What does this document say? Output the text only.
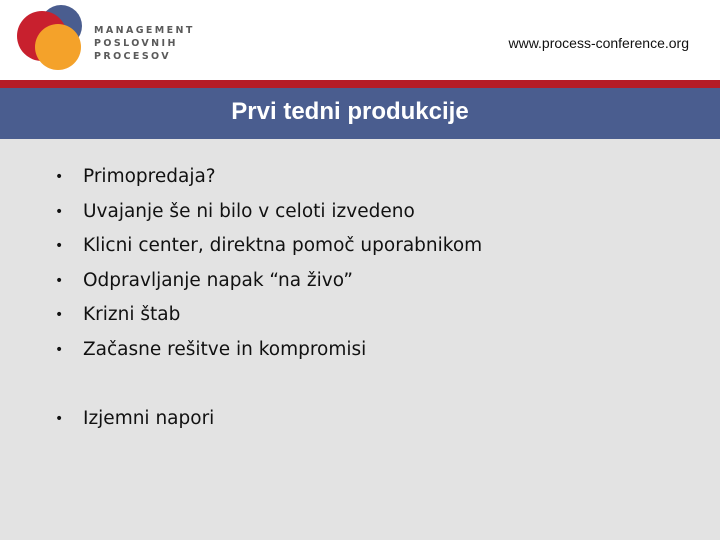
MANAGEMENT
POSLOVNIH
PROCESOV
www.process-conference.org
Prvi tedni produkcije
• Primopredaja?
• Uvajanje še ni bilo v celoti izvedeno
• Klicni center, direktna pomoč uporabnikom
• Odpravljanje napak “na živo”
• Krizni štab
• Začasne rešitve in kompromisi
• Izjemni napori
